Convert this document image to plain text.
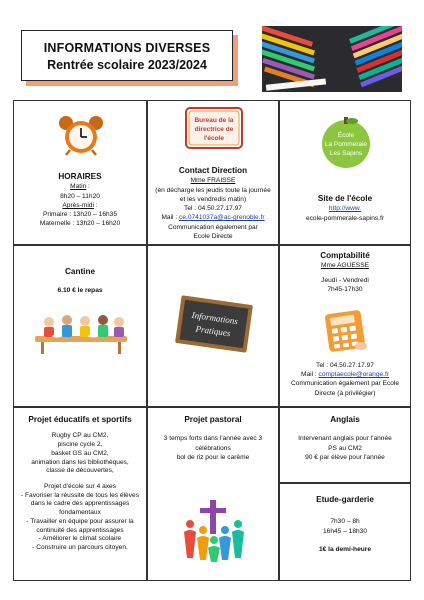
INFORMATIONS DIVERSES
Rentrée scolaire 2023/2024
HORAIRES
Matin :
8h20 – 11h20
Après-midi :
Primaire : 13h20 – 16h35
Maternelle : 13h20 – 16h20
Bureau de la
directrice de
l'école
Contact Direction
Mme FRAISSE
(en décharge les jeudis toute la journée
et les vendredis matin)
Tel : 04.50.27.17.97
Mail : ce.0741037a@ac-grenoble.fr
Communication également par
Ecole Directe
École
La Pommeraie
Les Sapins
Site de l'école
http://www.
ecole-pommerale-sapins.fr
Cantine
6.10 € le repas
Informations
Pratiques
Comptabilité
Mme AGUESSE
Jeudi - Vendredi
7h45-17h30
Tel : 04.50.27.17.97
Mail : comptaecole@orange.fr
Communication également par Ecole
Directe (à privilégier)
Projet éducatifs et sportifs
Rugby CP au CM2,
piscine cycle 2,
basket GS au CM2,
animation dans les bibliothèques,
classe de découvertes,
Projet d'école sur 4 axes
- Favoriser la réussite de tous les élèves
dans le cadre des apprentissages
fondamentaux
- Travailler en équipe pour assurer la
continuité des apprentissages
- Améliorer le climat scolaire
- Construire un parcours citoyen.
Projet pastoral
3 temps forts dans l'année avec 3
célébrations
bol de riz pour le carême
Anglais
Intervenant anglais pour l'année
PS au CM2
90 € par élève pour l'année
Etude-garderie
7h30 – 8h
16h45 – 18h30
1€ la demi-heure
